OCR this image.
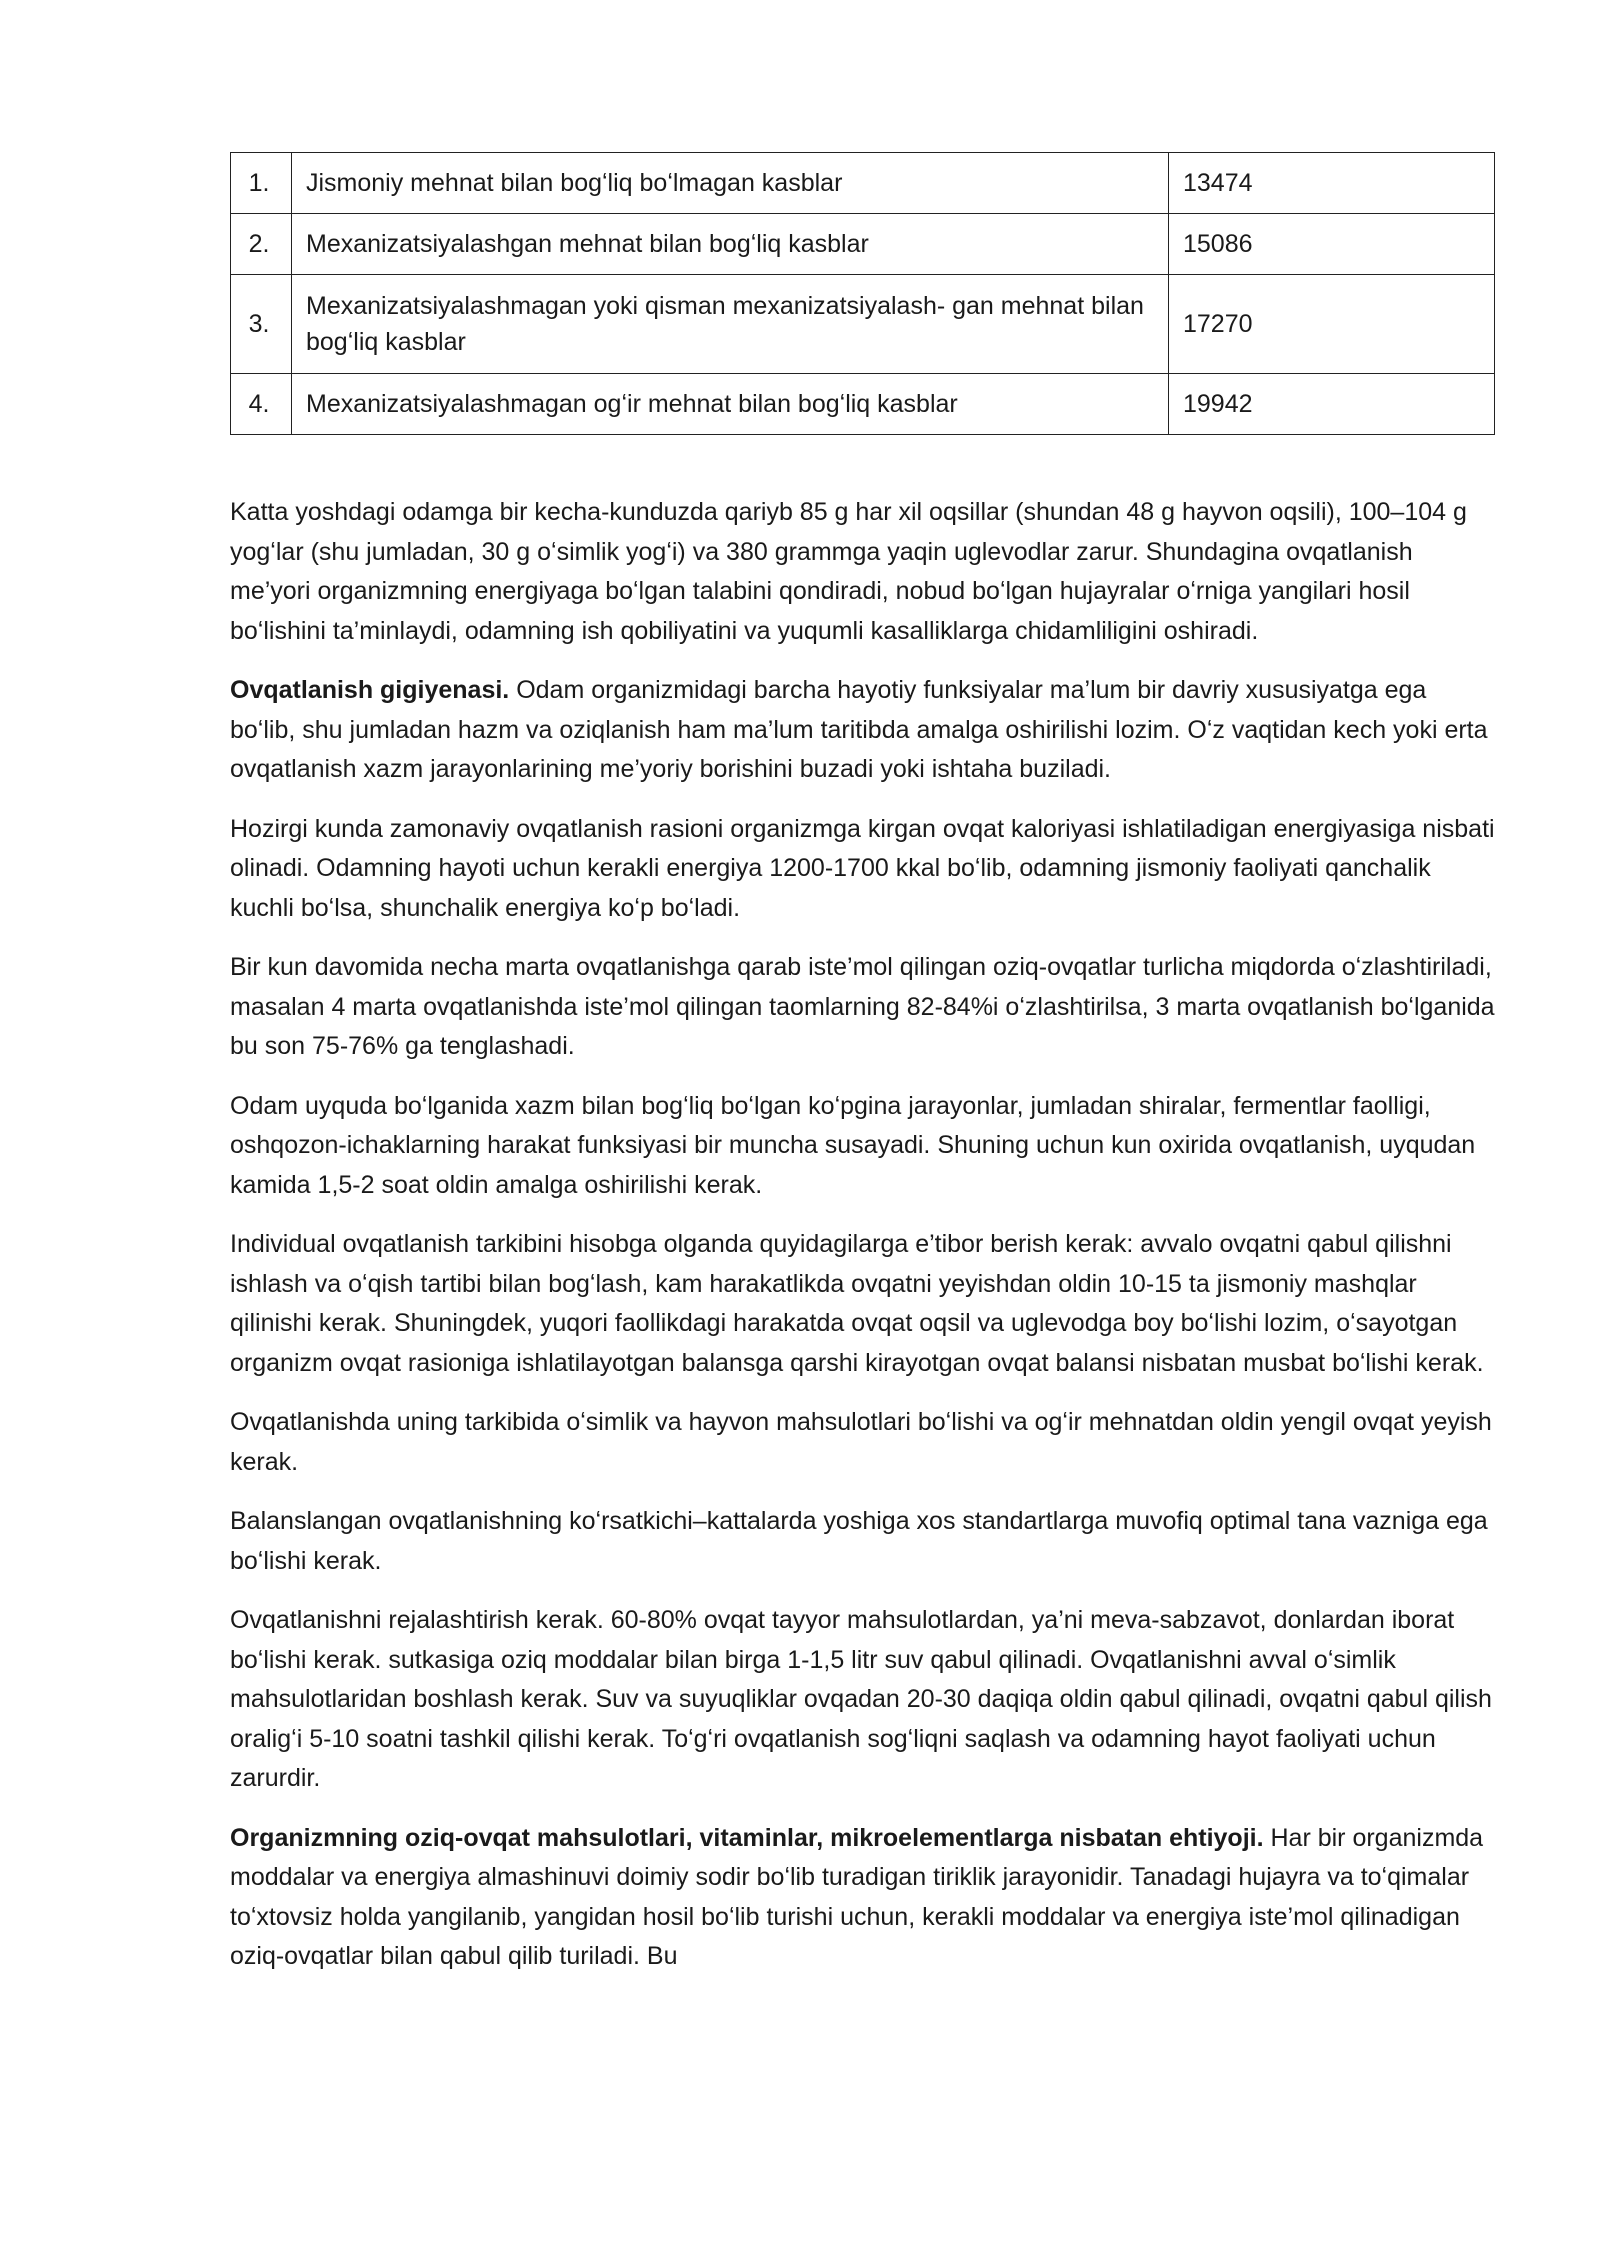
1.	Jismoniy mehnat bilan bogʻliq boʻlmagan kasblar	13474
2.	Mexanizatsiyalashgan mehnat bilan bogʻliq kasblar	15086
3.	Mexanizatsiyalashmagan yoki qisman mexanizatsiyalash- gan mehnat bilan bogʻliq kasblar	17270
4.	Mexanizatsiyalashmagan ogʻir mehnat bilan bogʻliq kasblar	19942

Katta yoshdagi odamga bir kecha-kunduzda qariyb 85 g har xil oqsillar (shundan 48 g hayvon oqsili), 100–104 g yogʻlar (shu jumladan, 30 g oʻsimlik yogʻi) va 380 grammga yaqin uglevodlar zarur. Shundagina ovqatlanish me’yori organizmning energiyaga boʻlgan talabini qondiradi, nobud boʻlgan hujayralar oʻrniga yangilari hosil boʻlishini ta’minlaydi, odamning ish qobiliyatini va yuqumli kasalliklarga chidamliligini oshiradi.

Ovqatlanish gigiyenasi. Odam organizmidagi barcha hayotiy funksiyalar ma’lum bir davriy xususiyatga ega boʻlib, shu jumladan hazm va oziqlanish ham ma’lum taritibda amalga oshirilishi lozim. Oʻz vaqtidan kech yoki erta ovqatlanish xazm jarayonlarining me’yoriy borishini buzadi yoki ishtaha buziladi.

Hozirgi kunda zamonaviy ovqatlanish rasioni organizmga kirgan ovqat kaloriyasi ishlatiladigan energiyasiga nisbati olinadi. Odamning hayoti uchun kerakli energiya 1200-1700 kkal boʻlib, odamning jismoniy faoliyati qanchalik kuchli boʻlsa, shunchalik energiya koʻp boʻladi.

Bir kun davomida necha marta ovqatlanishga qarab iste’mol qilingan oziq-ovqatlar turlicha miqdorda oʻzlashtiriladi, masalan 4 marta ovqatlanishda iste’mol qilingan taomlarning 82-84%i oʻzlashtirilsa, 3 marta ovqatlanish boʻlganida bu son 75-76% ga tenglashadi.

Odam uyquda boʻlganida xazm bilan bogʻliq boʻlgan koʻpgina jarayonlar, jumladan shiralar, fermentlar faolligi, oshqozon-ichaklarning harakat funksiyasi bir muncha susayadi. Shuning uchun kun oxirida ovqatlanish, uyqudan kamida 1,5-2 soat oldin amalga oshirilishi kerak.

Individual ovqatlanish tarkibini hisobga olganda quyidagilarga e’tibor berish kerak: avvalo ovqatni qabul qilishni ishlash va oʻqish tartibi bilan bogʻlash, kam harakatlikda ovqatni yeyishdan oldin 10-15 ta jismoniy mashqlar qilinishi kerak. Shuningdek, yuqori faollikdagi harakatda ovqat oqsil va uglevodga boy boʻlishi lozim, oʻsayotgan organizm ovqat rasioniga ishlatilayotgan balansga qarshi kirayotgan ovqat balansi nisbatan musbat boʻlishi kerak.

Ovqatlanishda uning tarkibida oʻsimlik va hayvon mahsulotlari boʻlishi va ogʻir mehnatdan oldin yengil ovqat yeyish kerak.

Balanslangan ovqatlanishning koʻrsatkichi–kattalarda yoshiga xos standartlarga muvofiq optimal tana vazniga ega boʻlishi kerak.

Ovqatlanishni rejalashtirish kerak. 60-80% ovqat tayyor mahsulotlardan, ya’ni meva-sabzavot, donlardan iborat boʻlishi kerak. sutkasiga oziq moddalar bilan birga 1-1,5 litr suv qabul qilinadi. Ovqatlanishni avval oʻsimlik mahsulotlaridan boshlash kerak. Suv va suyuqliklar ovqadan 20-30 daqiqa oldin qabul qilinadi, ovqatni qabul qilish oraligʻi 5-10 soatni tashkil qilishi kerak. Toʻgʻri ovqatlanish sogʻliqni saqlash va odamning hayot faoliyati uchun zarurdir.

Organizmning oziq-ovqat mahsulotlari, vitaminlar, mikroelementlarga nisbatan ehtiyoji. Har bir organizmda moddalar va energiya almashinuvi doimiy sodir boʻlib turadigan tiriklik jarayonidir. Tanadagi hujayra va toʻqimalar toʻxtovsiz holda yangilanib, yangidan hosil boʻlib turishi uchun, kerakli moddalar va energiya iste’mol qilinadigan oziq-ovqatlar bilan qabul qilib turiladi. Bu
